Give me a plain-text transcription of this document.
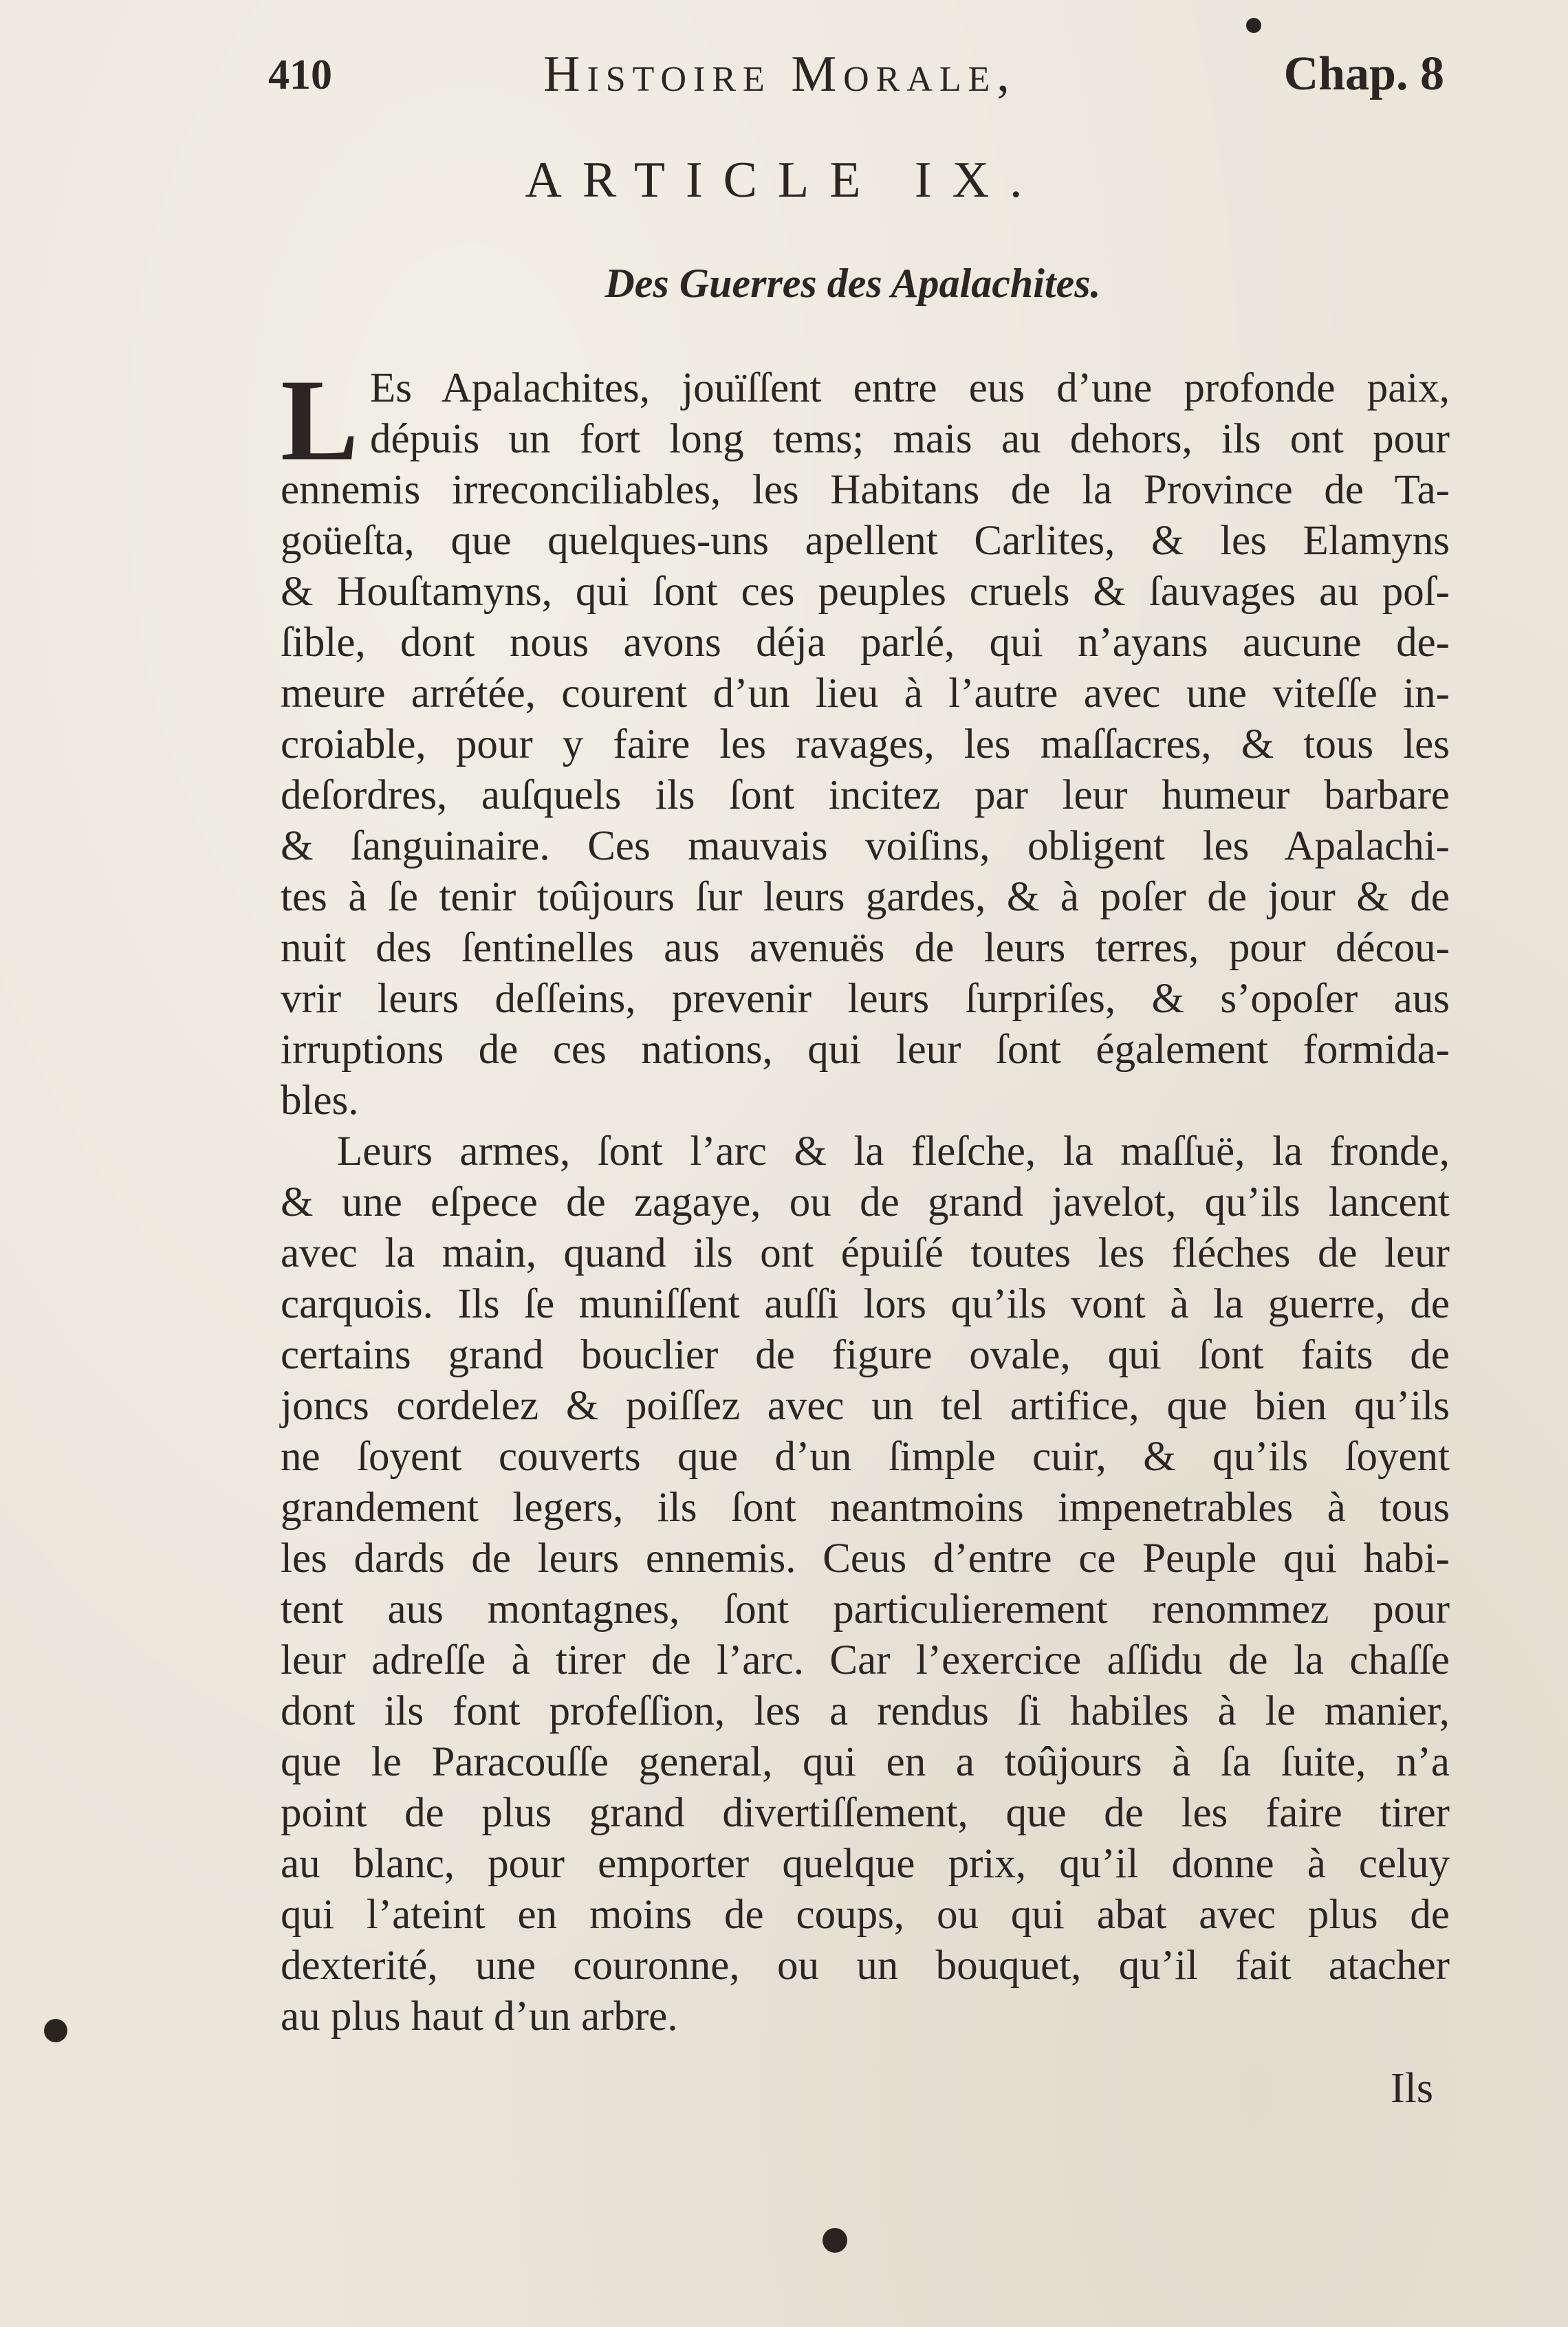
410	Histoire Morale,	Chap. 8
ARTICLE IX.
Des Guerres des Apalachites.
L Es Apalachites, jouïſſent entre eus d’une profonde paix,
dépuis un fort long tems; mais au dehors, ils ont pour
ennemis irreconciliables, les Habitans de la Province de Ta-
goüeſta, que quelques-uns apellent Carlites, & les Elamyns
& Houſtamyns, qui ſont ces peuples cruels & ſauvages au poſ-
ſible, dont nous avons déja parlé, qui n’ayans aucune de-
meure arrétée, courent d’un lieu à l’autre avec une viteſſe in-
croiable, pour y faire les ravages, les maſſacres, & tous les
deſordres, auſquels ils ſont incitez par leur humeur barbare
& ſanguinaire. Ces mauvais voiſins, obligent les Apalachi-
tes à ſe tenir toûjours ſur leurs gardes, & à poſer de jour & de
nuit des ſentinelles aus avenuës de leurs terres, pour décou-
vrir leurs deſſeins, prevenir leurs ſurpriſes, & s’opoſer aus
irruptions de ces nations, qui leur ſont également formida-
bles.
Leurs armes, ſont l’arc & la fleſche, la maſſuë, la fronde,
& une eſpece de zagaye, ou de grand javelot, qu’ils lancent
avec la main, quand ils ont épuiſé toutes les fléches de leur
carquois. Ils ſe muniſſent auſſi lors qu’ils vont à la guerre, de
certains grand bouclier de figure ovale, qui ſont faits de
joncs cordelez & poiſſez avec un tel artifice, que bien qu’ils
ne ſoyent couverts que d’un ſimple cuir, & qu’ils ſoyent
grandement legers, ils ſont neantmoins impenetrables à tous
les dards de leurs ennemis. Ceus d’entre ce Peuple qui habi-
tent aus montagnes, ſont particulierement renommez pour
leur adreſſe à tirer de l’arc. Car l’exercice aſſidu de la chaſſe
dont ils font profeſſion, les a rendus ſi habiles à le manier,
que le Paracouſſe general, qui en a toûjours à ſa ſuite, n’a
point de plus grand divertiſſement, que de les faire tirer
au blanc, pour emporter quelque prix, qu’il donne à celuy
qui l’ateint en moins de coups, ou qui abat avec plus de
dexterité, une couronne, ou un bouquet, qu’il fait atacher
au plus haut d’un arbre.
Ils
